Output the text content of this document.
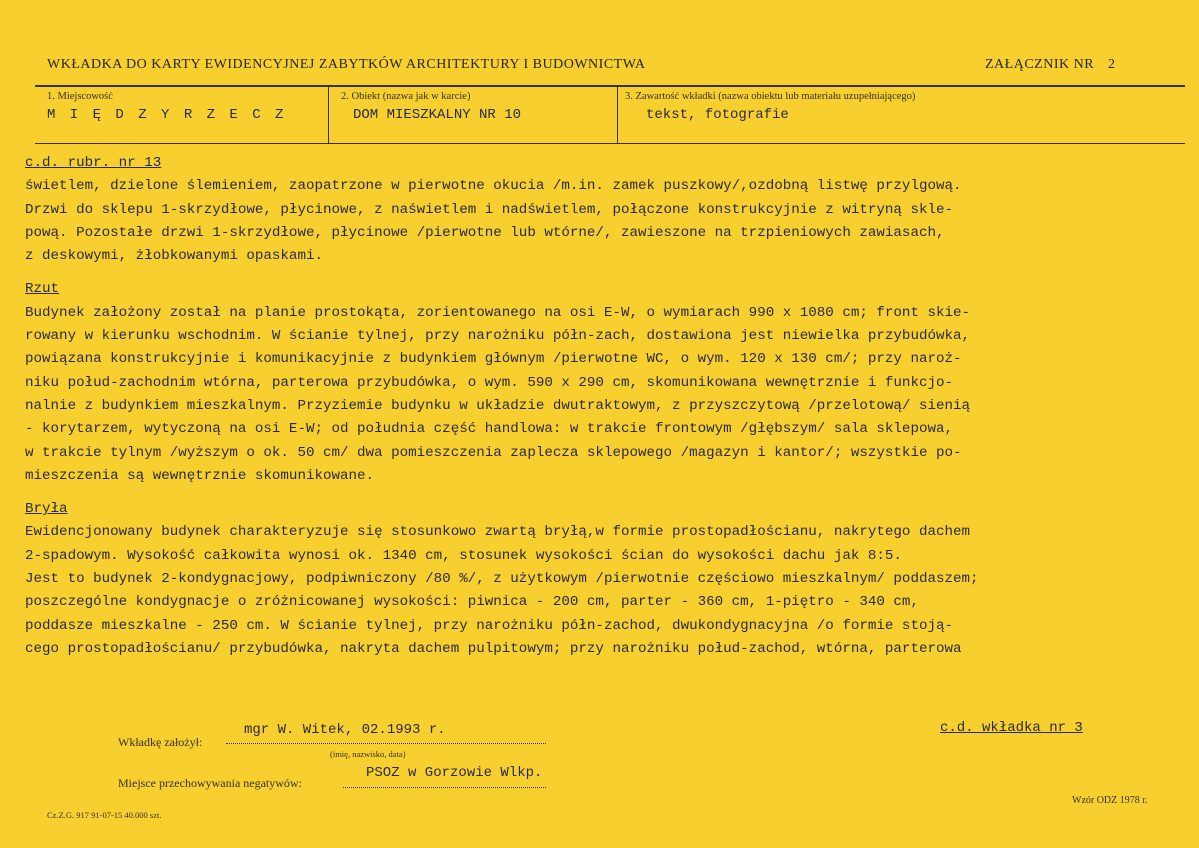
WKŁADKA DO KARTY EWIDENCYJNEJ ZABYTKÓW ARCHITEKTURY I BUDOWNICTWA	ZAŁĄCZNIK NR 2
1. Miejscowość
M I Ę D Z Y R Z E C Z
2. Obiekt (nazwa jak w karcie)
DOM MIESZKALNY NR 10
3. Zawartość wkładki (nazwa obiektu lub materiału uzupełniającego)
tekst, fotografie
c.d. rubr. nr 13
świetlem, dzielone ślemieniem, zaopatrzone w pierwotne okucia /m.in. zamek puszkowy/,ozdobną listwę przylgową.
Drzwi do sklepu 1-skrzydłowe, płycinowe, z naświetlem i nadświetlem, połączone konstrukcyjnie z witryną skle-
pową. Pozostałe drzwi 1-skrzydłowe, płycinowe /pierwotne lub wtórne/, zawieszone na trzpieniowych zawiasach,
z deskowymi, żłobkowanymi opaskami.
Rzut
Budynek założony został na planie prostokąta, zorientowanego na osi E-W, o wymiarach 990 x 1080 cm; front skie-
rowany w kierunku wschodnim. W ścianie tylnej, przy narożniku półn-zach, dostawiona jest niewielka przybudówka,
powiązana konstrukcyjnie i komunikacyjnie z budynkiem głównym /pierwotne WC, o wym. 120 x 130 cm/; przy naroż-
niku połud-zachodnim wtórna, parterowa przybudówka, o wym. 590 x 290 cm, skomunikowana wewnętrznie i funkcjo-
nalnie z budynkiem mieszkalnym. Przyziemie budynku w układzie dwutraktowym, z przyszczytową /przelotową/ sienią
- korytarzem, wytyczoną na osi E-W; od południa część handlowa: w trakcie frontowym /głębszym/ sala sklepowa,
w trakcie tylnym /wyższym o ok. 50 cm/ dwa pomieszczenia zaplecza sklepowego /magazyn i kantor/; wszystkie po-
mieszczenia są wewnętrznie skomunikowane.
Bryła
Ewidencjonowany budynek charakteryzuje się stosunkowo zwartą bryłą,w formie prostopadłościanu, nakrytego dachem
2-spadowym. Wysokość całkowita wynosi ok. 1340 cm, stosunek wysokości ścian do wysokości dachu jak 8:5.
Jest to budynek 2-kondygnacjowy, podpiwniczony /80 %/, z użytkowym /pierwotnie częściowo mieszkalnym/ poddaszem;
poszczególne kondygnacje o zróżnicowanej wysokości: piwnica - 200 cm, parter - 360 cm, 1-piętro - 340 cm,
poddasze mieszkalne - 250 cm. W ścianie tylnej, przy narożniku półn-zachod, dwukondygnacyjna /o formie stoją-
cego prostopadłościanu/ przybudówka, nakryta dachem pulpitowym; przy narożniku połud-zachod, wtórna, parterowa
Wkładkę założył:
mgr W. Witek, 02.1993 r.
(imię, nazwisko, data)
Miejsce przechowywania negatywów:
PSOZ w Gorzowie Wlkp.
c.d. wkładka nr 3
Cz.Z.G. 917 91-07-15 40.000 szt.
Wzór ODZ 1978 r.
